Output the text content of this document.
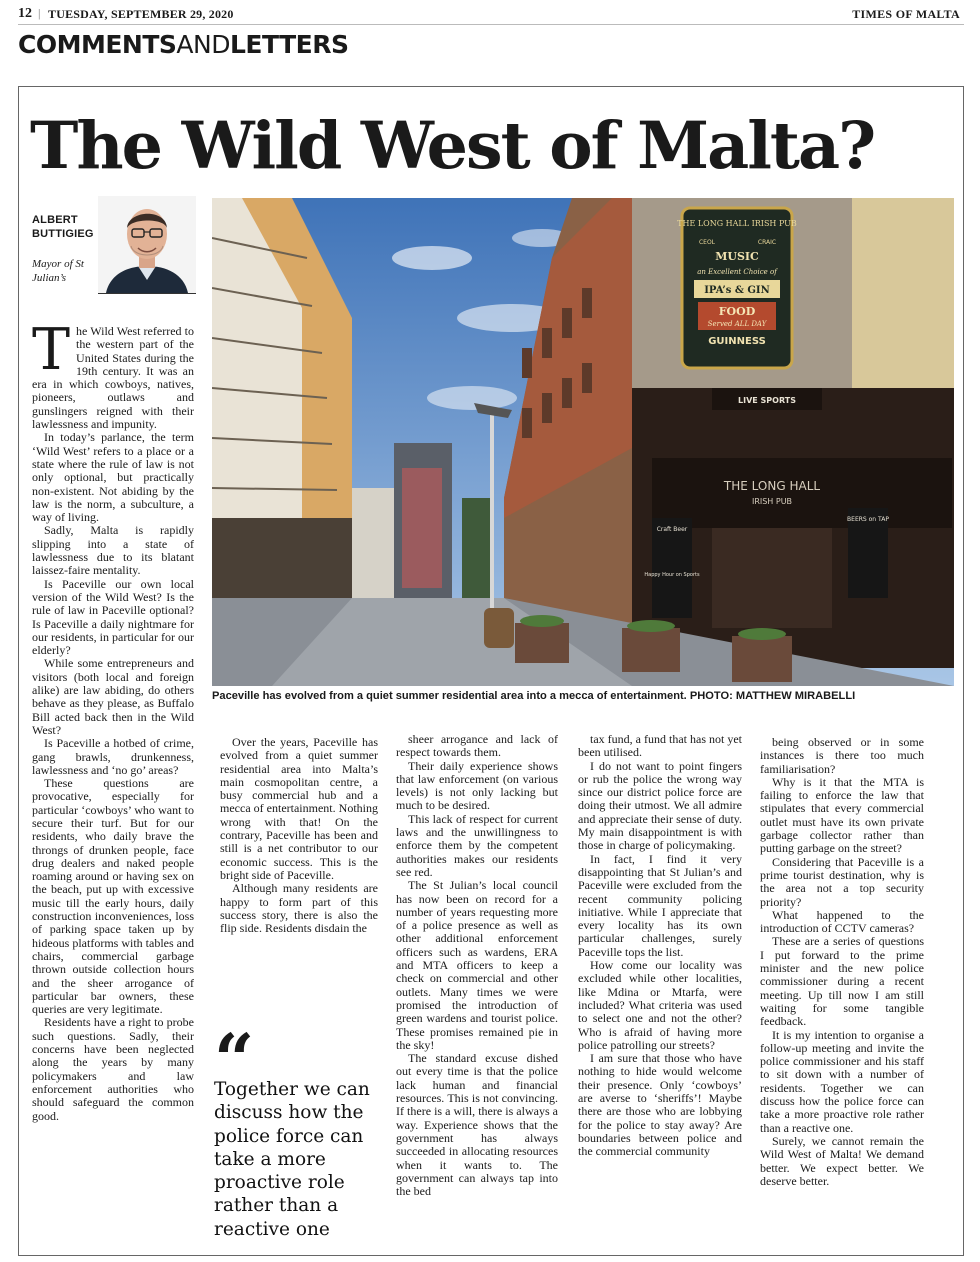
12 | TUESDAY, SEPTEMBER 29, 2020	TIMES OF MALTA
COMMENTSANDLETTERS
The Wild West of Malta?
ALBERT BUTTIGIEG
Mayor of St Julian’s
THE LONG HALL IRISH PUB
CEOL	CRAIC
MUSIC
an Excellent Choice of
IPA’s & GIN
FOOD
Served ALL DAY
GUINNESS
LIVE SPORTS
THE LONG HALL
IRISH PUB
Craft Beer
Happy Hour on Sports
BEERS on TAP
Paceville has evolved from a quiet summer residential area into a mecca of entertainment. PHOTO: MATTHEW MIRABELLI
T he Wild West referred to the western part of the United States during the 19th century. It was an era in which cowboys, natives, pioneers, outlaws and gunslingers reigned with their lawlessness and impunity.

In today’s parlance, the term ‘Wild West’ refers to a place or a state where the rule of law is not only optional, but practically non-existent. Not abiding by the law is the norm, a subculture, a way of living.

Sadly, Malta is rapidly slipping into a state of lawlessness due to its blatant laissez-faire mentality.

Is Paceville our own local version of the Wild West? Is the rule of law in Paceville optional? Is Paceville a daily nightmare for our residents, in particular for our elderly?

While some entrepreneurs and visitors (both local and foreign alike) are law abiding, do others behave as they please, as Buffalo Bill acted back then in the Wild West?

Is Paceville a hotbed of crime, gang brawls, drunkenness, lawlessness and ‘no go’ areas?

These questions are provocative, especially for particular ‘cowboys’ who want to secure their turf. But for our residents, who daily brave the throngs of drunken people, face drug dealers and naked people roaming around or having sex on the beach, put up with excessive music till the early hours, daily construction inconveniences, loss of parking space taken up by hideous platforms with tables and chairs, commercial garbage thrown outside collection hours and the sheer arrogance of particular bar owners, these queries are very legitimate.

Residents have a right to probe such questions. Sadly, their concerns have been neglected along the years by many policymakers and law enforcement authorities who should safeguard the common good.

Over the years, Paceville has evolved from a quiet summer residential area into Malta’s main cosmopolitan centre, a busy commercial hub and a mecca of entertainment. Nothing wrong with that! On the contrary, Paceville has been and still is a net contributor to our economic success. This is the bright side of Paceville.

Although many residents are happy to form part of this success story, there is also the flip side. Residents disdain the

“
Together we can discuss how the police force can take a more proactive role rather than a reactive one

sheer arrogance and lack of respect towards them.

Their daily experience shows that law enforcement (on various levels) is not only lacking but much to be desired.

This lack of respect for current laws and the unwillingness to enforce them by the competent authorities makes our residents see red.

The St Julian’s local council has now been on record for a number of years requesting more of a police presence as well as other additional enforcement officers such as wardens, ERA and MTA officers to keep a check on commercial and other outlets. Many times we were promised the introduction of green wardens and tourist police. These promises remained pie in the sky!

The standard excuse dished out every time is that the police lack human and financial resources. This is not convincing. If there is a will, there is always a way. Experience shows that the government has always succeeded in allocating resources when it wants to. The government can always tap into the bed

tax fund, a fund that has not yet been utilised.

I do not want to point fingers or rub the police the wrong way since our district police force are doing their utmost. We all admire and appreciate their sense of duty. My main disappointment is with those in charge of policymaking.

In fact, I find it very disappointing that St Julian’s and Paceville were excluded from the recent community policing initiative. While I appreciate that every locality has its own particular challenges, surely Paceville tops the list.

How come our locality was excluded while other localities, like Mdina or Mtarfa, were included? What criteria was used to select one and not the other? Who is afraid of having more police patrolling our streets?

I am sure that those who have nothing to hide would welcome their presence. Only ‘cowboys’ are averse to ‘sheriffs’! Maybe there are those who are lobbying for the police to stay away? Are boundaries between police and the commercial community

being observed or in some instances is there too much familiarisation?

Why is it that the MTA is failing to enforce the law that stipulates that every commercial outlet must have its own private garbage collector rather than putting garbage on the street?

Considering that Paceville is a prime tourist destination, why is the area not a top security priority?

What happened to the introduction of CCTV cameras?

These are a series of questions I put forward to the prime minister and the new police commissioner during a recent meeting. Up till now I am still waiting for some tangible feedback.

It is my intention to organise a follow-up meeting and invite the police commissioner and his staff to sit down with a number of residents. Together we can discuss how the police force can take a more proactive role rather than a reactive one.

Surely, we cannot remain the Wild West of Malta! We demand better. We expect better. We deserve better.
